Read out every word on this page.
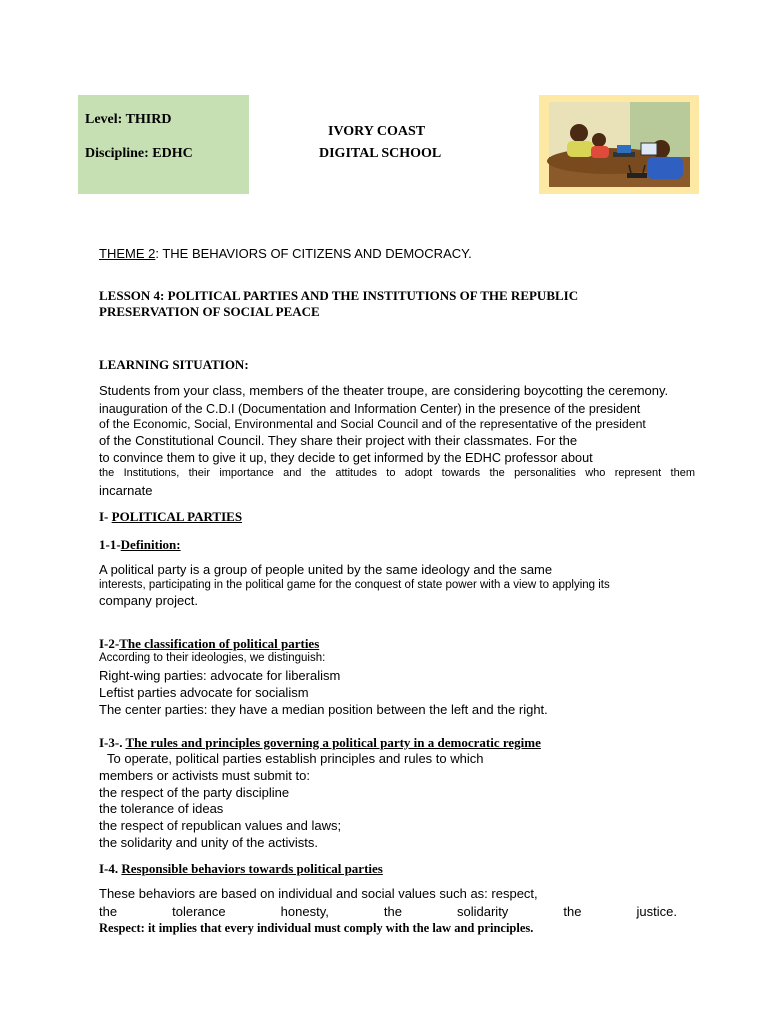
Level: THIRD
Discipline: EDHC
IVORY COAST
DIGITAL SCHOOL
THEME 2: THE BEHAVIORS OF CITIZENS AND DEMOCRACY.
LESSON 4: POLITICAL PARTIES AND THE INSTITUTIONS OF THE REPUBLIC
PRESERVATION OF SOCIAL PEACE
LEARNING SITUATION:
Students from your class, members of the theater troupe, are considering boycotting the ceremony.
inauguration of the C.D.I (Documentation and Information Center) in the presence of the president
of the Economic, Social, Environmental and Social Council and of the representative of the president
of the Constitutional Council. They share their project with their classmates. For the
to convince them to give it up, they decide to get informed by the EDHC professor about
the Institutions, their importance and the attitudes to adopt towards the personalities who represent them
incarnate
I- POLITICAL PARTIES
1-1-Definition:
A political party is a group of people united by the same ideology and the same
interests, participating in the political game for the conquest of state power with a view to applying its
company project.
I-2-The classification of political parties
According to their ideologies, we distinguish:
Right-wing parties: advocate for liberalism
Leftist parties advocate for socialism
The center parties: they have a median position between the left and the right.
I-3-. The rules and principles governing a political party in a democratic regime
To operate, political parties establish principles and rules to which
members or activists must submit to:
the respect of the party discipline
the tolerance of ideas
the respect of republican values and laws;
the solidarity and unity of the activists.
I-4. Responsible behaviors towards political parties
These behaviors are based on individual and social values such as: respect,
the	tolerance	honesty,	the	solidarity	the	justice.
Respect: it implies that every individual must comply with the law and principles.
